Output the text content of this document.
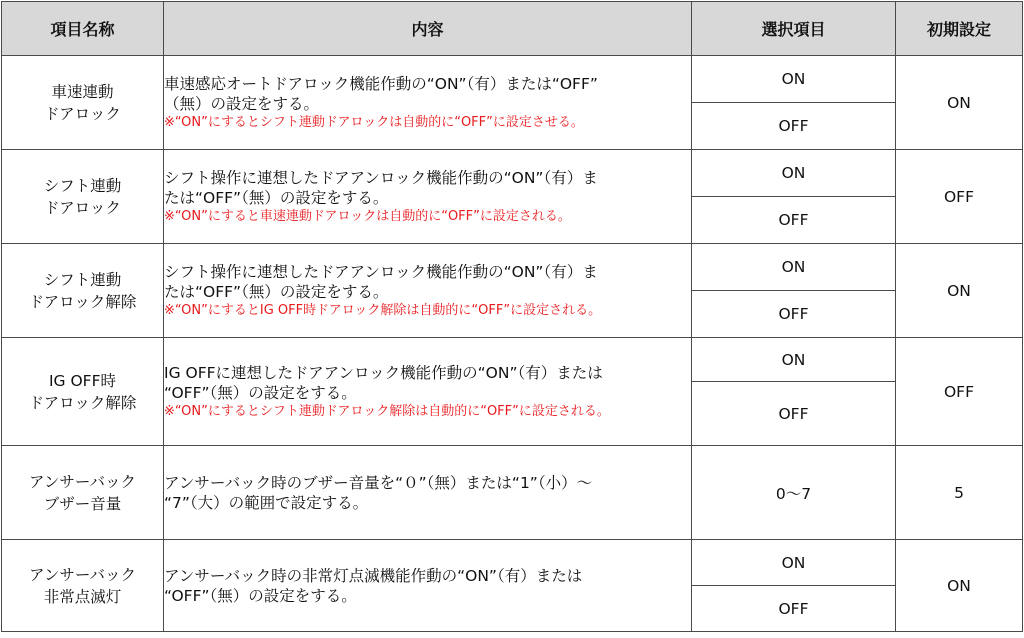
項目名称	内容	選択項目	初期設定

車速連動
ドアロック	車速感応オートドアロック機能作動の“ON”（有）または“OFF”
（無）の設定をする。
※“ON”にするとシフト連動ドアロックは自動的に“OFF”に設定させる。	ON	ON
		OFF	

シフト連動
ドアロック	シフト操作に連想したドアアンロック機能作動の“ON”（有）ま
たは“OFF”（無）の設定をする。
※“ON”にすると車速連動ドアロックは自動的に“OFF”に設定される。	ON	OFF
		OFF	

シフト連動
ドアロック解除	シフト操作に連想したドアアンロック機能作動の“ON”（有）ま
たは“OFF”（無）の設定をする。
※“ON”にするとIG OFF時ドアロック解除は自動的に“OFF”に設定される。	ON	ON
		OFF	

IG OFF時
ドアロック解除	IG OFFに連想したドアアンロック機能作動の“ON”（有）または
“OFF”（無）の設定をする。
※“ON”にするとシフト連動ドアロック解除は自動的に“OFF”に設定される。	ON	OFF
		OFF	

アンサーバック
ブザー音量	アンサーバック時のブザー音量を“０”（無）または“1”（小）～
“7”（大）の範囲で設定する。	0～7	5

アンサーバック
非常点滅灯	アンサーバック時の非常灯点滅機能作動の“ON”（有）または
“OFF”（無）の設定をする。	ON	ON
		OFF	
